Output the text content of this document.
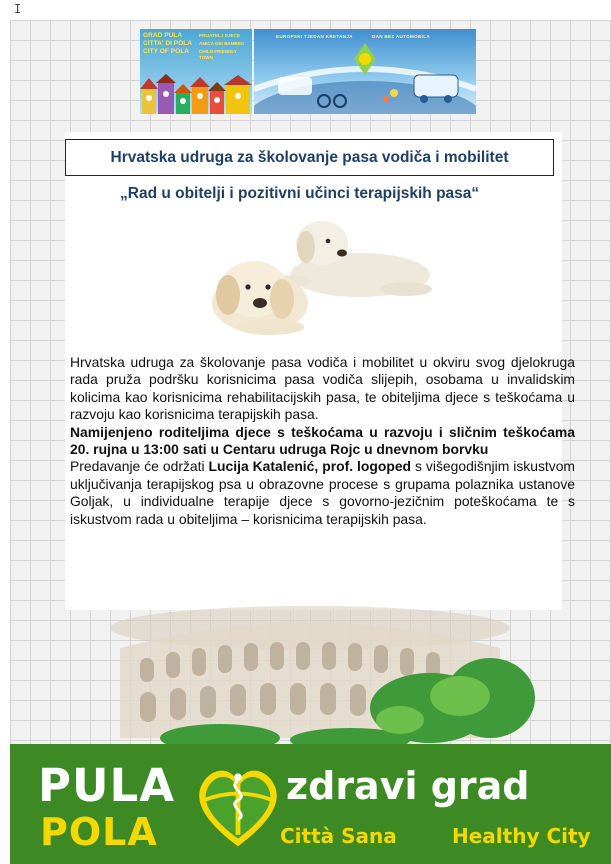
I
GRAD PULA
CITTA' DI POLA
CITY OF POLA
PRIJATELJ DJECE
AMICA DEI BAMBINI
CHILD FRIENDLY TOWN
EUROPSKI TJEDAN KRETANJA	DAN BEZ AUTOMOBILA
Hrvatska udruga za školovanje pasa vodiča i mobilitet
„Rad u obitelji i pozitivni učinci terapijskih pasa“

Hrvatska udruga za školovanje pasa vodiča i mobilitet u okviru svog djelokruga rada pruža podršku korisnicima pasa vodiča slijepih, osobama u invalidskim kolicima kao korisnicima rehabilitacijskih pasa, te obiteljima djece s teškoćama u razvoju kao korisnicima terapijskih pasa.

Namijenjeno roditeljima djece s teškoćama u razvoju i sličnim teškoćama 20. rujna u 13:00 sati u Centaru udruga Rojc u dnevnom borvku

Predavanje će održati Lucija Katalenić, prof. logoped s višegodišnjim iskustvom uključivanja terapijskog psa u obrazovne procese s grupama polaznika ustanove Goljak, u individualne terapije djece s govorno-jezičnim poteškoćama te s iskustvom rada u obiteljima – korisnicima terapijskih pasa.

PULA
POLA
zdravi grad
Città Sana	Healthy City
